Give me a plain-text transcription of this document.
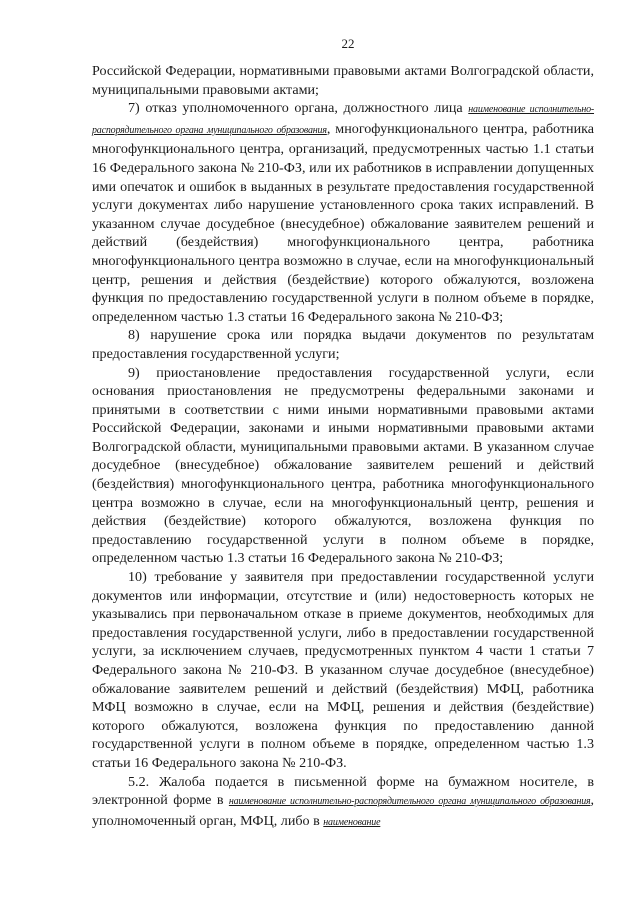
22

Российской Федерации, нормативными правовыми актами Волгоградской области, муниципальными правовыми актами;

7) отказ уполномоченного органа, должностного лица наименование исполнительно-распорядительного органа муниципального образования, многофункционального центра, работника многофункционального центра, организаций, предусмотренных частью 1.1 статьи 16 Федерального закона № 210-ФЗ, или их работников в исправлении допущенных ими опечаток и ошибок в выданных в результате предоставления государственной услуги документах либо нарушение установленного срока таких исправлений. В указанном случае досудебное (внесудебное) обжалование заявителем решений и действий (бездействия) многофункционального центра, работника многофункционального центра возможно в случае, если на многофункциональный центр, решения и действия (бездействие) которого обжалуются, возложена функция по предоставлению государственной услуги в полном объеме в порядке, определенном частью 1.3 статьи 16 Федерального закона № 210-ФЗ;

8) нарушение срока или порядка выдачи документов по результатам предоставления государственной услуги;

9) приостановление предоставления государственной услуги, если основания приостановления не предусмотрены федеральными законами и принятыми в соответствии с ними иными нормативными правовыми актами Российской Федерации, законами и иными нормативными правовыми актами Волгоградской области, муниципальными правовыми актами. В указанном случае досудебное (внесудебное) обжалование заявителем решений и действий (бездействия) многофункционального центра, работника многофункционального центра возможно в случае, если на многофункциональный центр, решения и действия (бездействие) которого обжалуются, возложена функция по предоставлению государственной услуги в полном объеме в порядке, определенном частью 1.3 статьи 16 Федерального закона № 210-ФЗ;

10) требование у заявителя при предоставлении государственной услуги документов или информации, отсутствие и (или) недостоверность которых не указывались при первоначальном отказе в приеме документов, необходимых для предоставления государственной услуги, либо в предоставлении государственной услуги, за исключением случаев, предусмотренных пунктом 4 части 1 статьи 7 Федерального закона № 210-ФЗ. В указанном случае досудебное (внесудебное) обжалование заявителем решений и действий (бездействия) МФЦ, работника МФЦ возможно в случае, если на МФЦ, решения и действия (бездействие) которого обжалуются, возложена функция по предоставлению данной государственной услуги в полном объеме в порядке, определенном частью 1.3 статьи 16 Федерального закона № 210-ФЗ.

5.2. Жалоба подается в письменной форме на бумажном носителе, в электронной форме в наименование исполнительно-распорядительного органа муниципального образования, уполномоченный орган, МФЦ, либо в наименование
